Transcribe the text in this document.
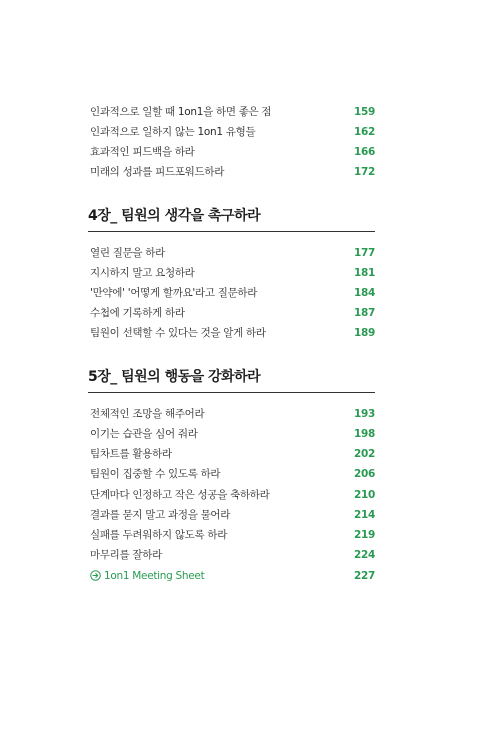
인과적으로 일할 때 1on1을 하면 좋은 점	159
인과적으로 일하지 않는 1on1 유형들	162
효과적인 피드백을 하라	166
미래의 성과를 피드포워드하라	172
4장_ 팀원의 생각을 촉구하라
열린 질문을 하라	177
지시하지 말고 요청하라	181
'만약에' '어떻게 할까요'라고 질문하라	184
수첩에 기록하게 하라	187
팀원이 선택할 수 있다는 것을 알게 하라	189
5장_ 팀원의 행동을 강화하라
전체적인 조망을 해주어라	193
이기는 습관을 심어 줘라	198
팀차트를 활용하라	202
팀원이 집중할 수 있도록 하라	206
단계마다 인정하고 작은 성공을 축하하라	210
결과를 묻지 말고 과정을 물어라	214
실패를 두려워하지 않도록 하라	219
마무리를 잘하라	224
1on1 Meeting Sheet	227
